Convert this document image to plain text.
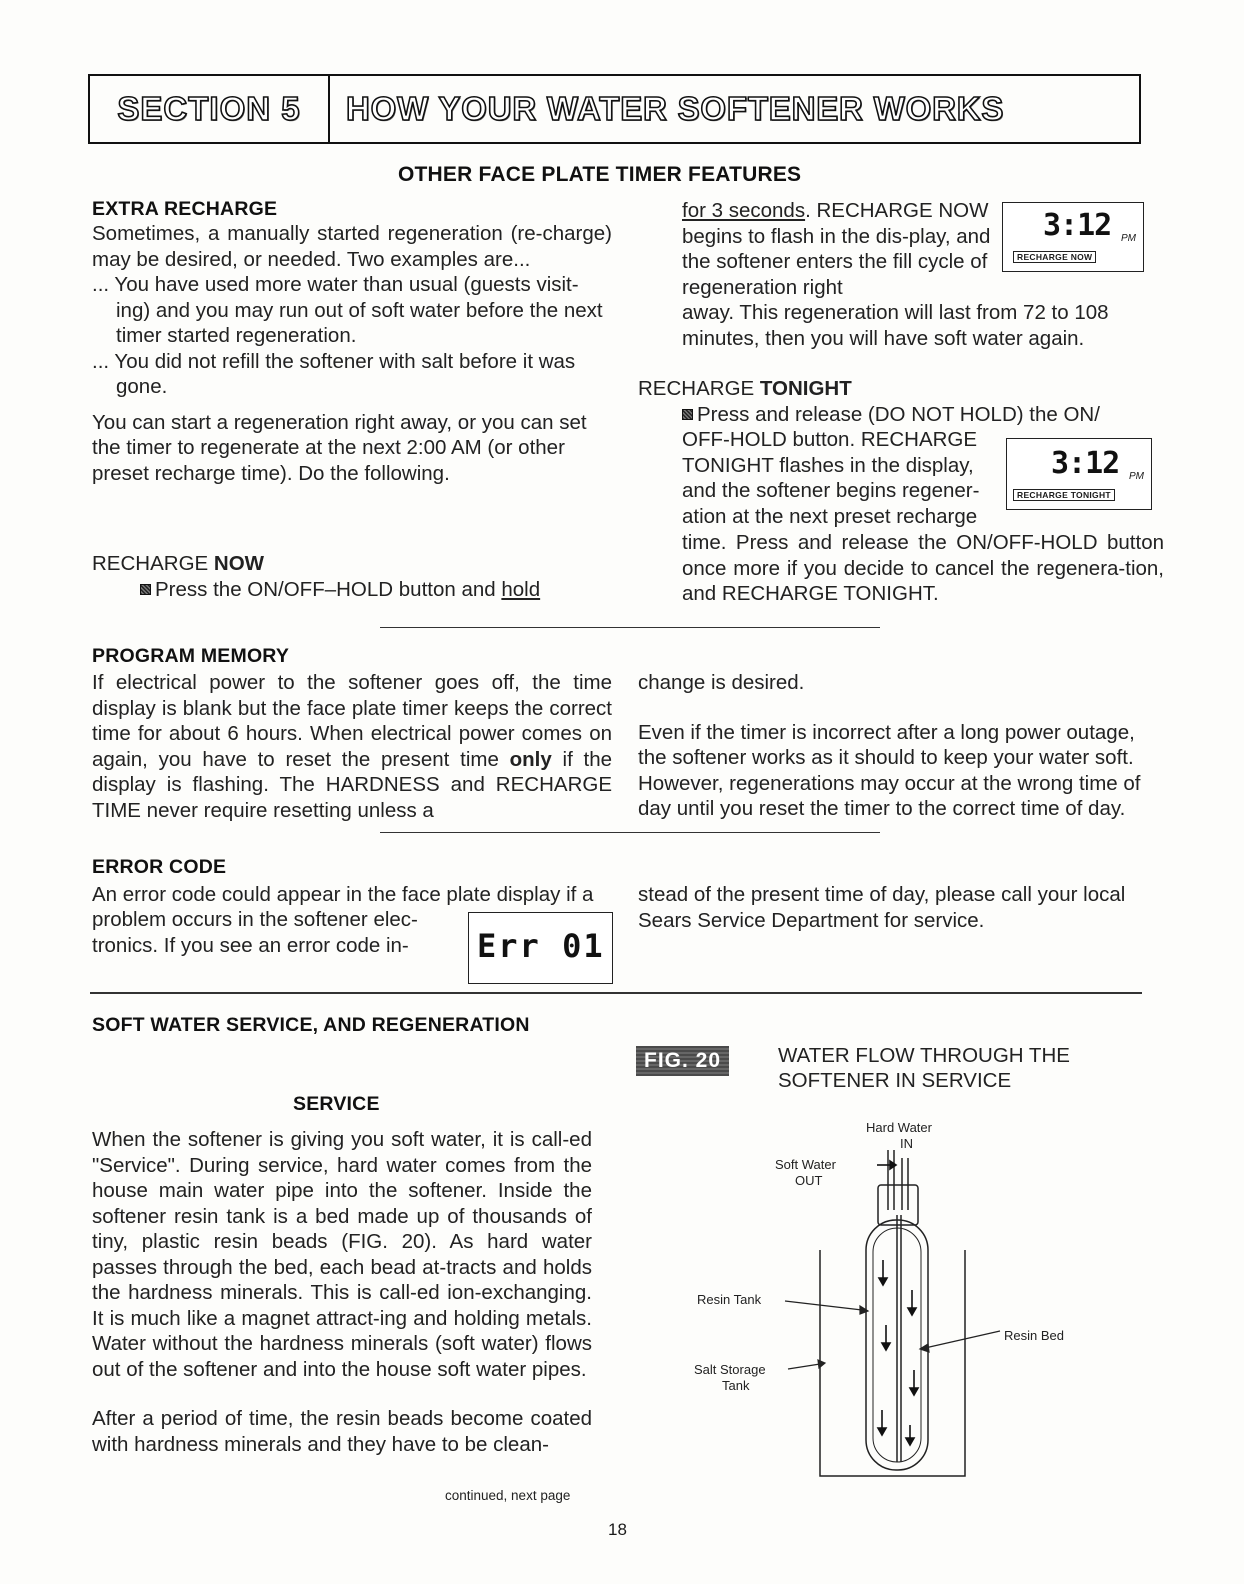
SECTION 5	HOW YOUR WATER SOFTENER WORKS
OTHER FACE PLATE TIMER FEATURES
EXTRA RECHARGE

Sometimes, a manually started regeneration (re-charge) may be desired, or needed. Two examples are...

... You have used more water than usual (guests visit-

ing) and you may run out of soft water before the next timer started regeneration.

... You did not refill the softener with salt before it was

gone.

You can start a regeneration right away, or you can set the timer to regenerate at the next 2:00 AM (or other preset recharge time). Do the following.

RECHARGE NOW
Press the ON/OFF–HOLD button and hold

for 3 seconds. RECHARGE NOW begins to flash in the dis-play, and the softener enters the fill cycle of regeneration right

3:12 PM
RECHARGE NOW

away. This regeneration will last from 72 to 108 minutes, then you will have soft water again.

RECHARGE TONIGHT
Press and release (DO NOT HOLD) the ON/

OFF-HOLD button. RECHARGE TONIGHT flashes in the display, and the softener begins regener-ation at the next preset recharge

3:12 PM
RECHARGE TONIGHT

time. Press and release the ON/OFF-HOLD button once more if you decide to cancel the regenera-tion, and RECHARGE TONIGHT.

PROGRAM MEMORY

If electrical power to the softener goes off, the time display is blank but the face plate timer keeps the correct time for about 6 hours. When electrical power comes on again, you have to reset the present time only if the display is flashing. The HARDNESS and RECHARGE TIME never require resetting unless a

change is desired.

Even if the timer is incorrect after a long power outage, the softener works as it should to keep your water soft. However, regenerations may occur at the wrong time of day until you reset the timer to the correct time of day.

ERROR CODE
An error code could appear in the face plate display if a

problem occurs in the softener elec-tronics. If you see an error code in-	Err 01

stead of the present time of day, please call your local Sears Service Department for service.

SOFT WATER SERVICE, AND REGENERATION
SERVICE

When the softener is giving you soft water, it is call-ed "Service". During service, hard water comes from the house main water pipe into the softener. Inside the softener resin tank is a bed made up of thousands of tiny, plastic resin beads (FIG. 20). As hard water passes through the bed, each bead at-tracts and holds the hardness minerals. This is call-ed ion-exchanging. It is much like a magnet attract-ing and holding metals. Water without the hardness minerals (soft water) flows out of the softener and into the house soft water pipes.

After a period of time, the resin beads become coated with hardness minerals and they have to be clean-

continued, next page
FIG. 20	WATER FLOW THROUGH THE
SOFTENER IN SERVICE
Hard Water
IN
Soft Water
OUT
Resin Tank
Salt Storage
Tank
Resin Bed
18
